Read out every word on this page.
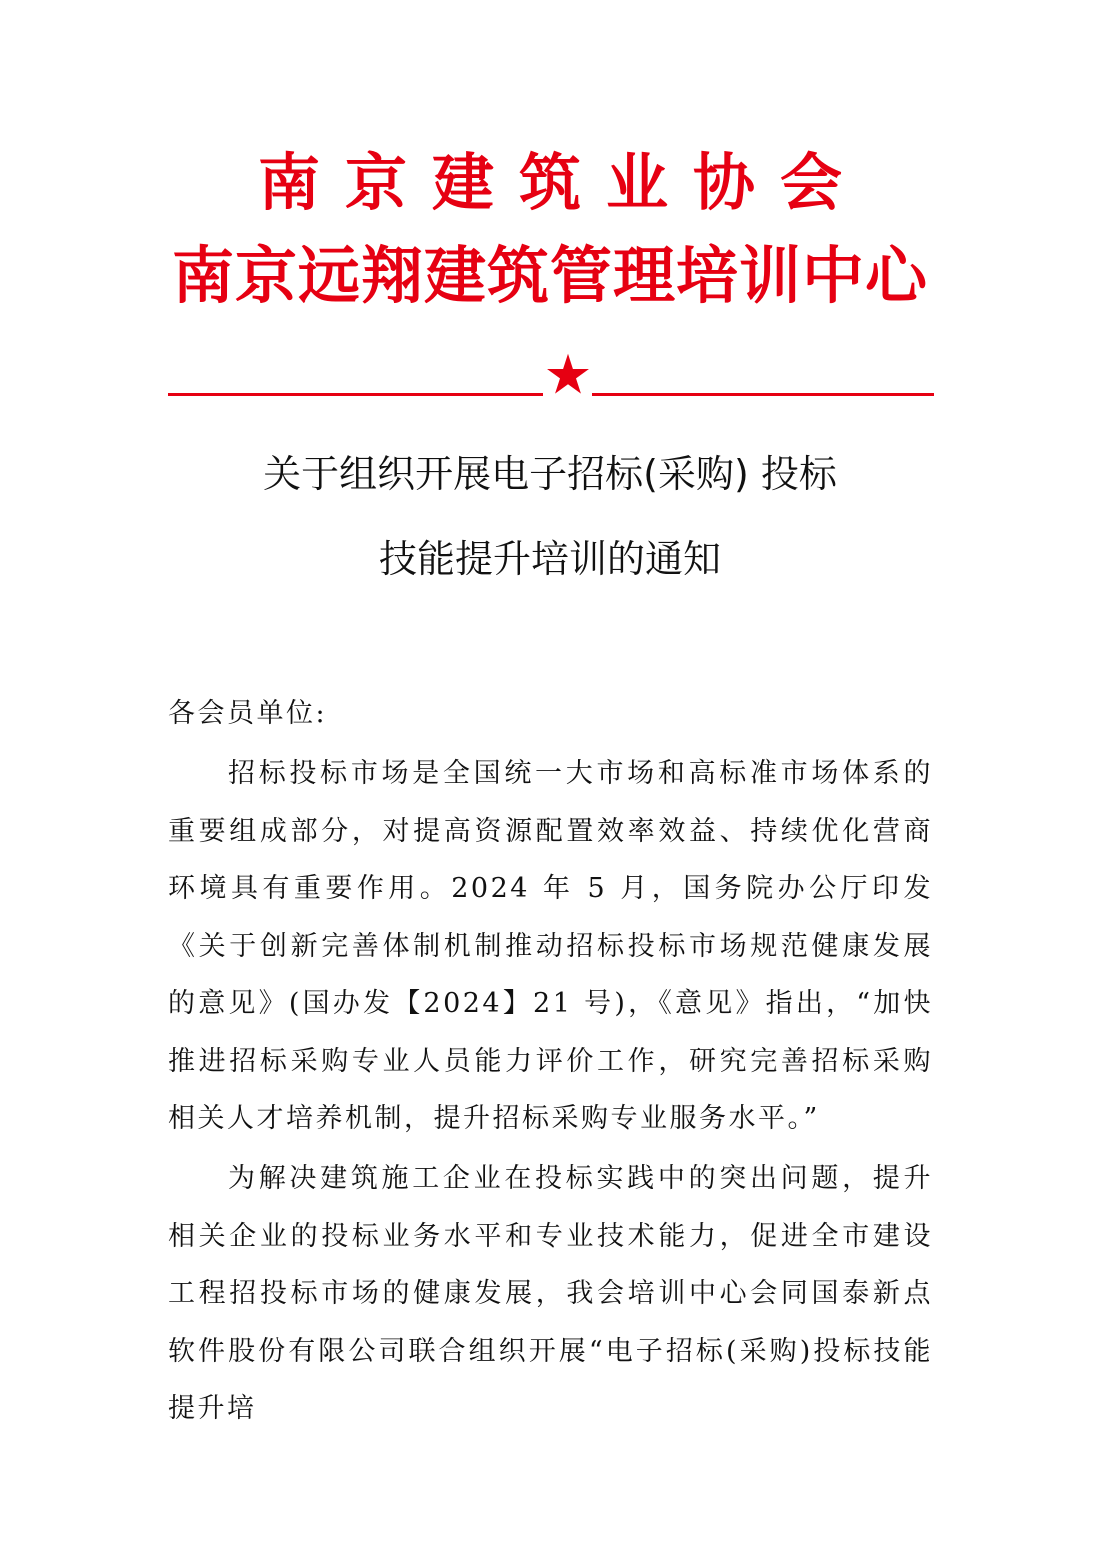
南京建筑业协会
南京远翔建筑管理培训中心
关于组织开展电子招标(采购) 投标
技能提升培训的通知
各会员单位:

招标投标市场是全国统一大市场和高标准市场体系的重要组成部分，对提高资源配置效率效益、持续优化营商环境具有重要作用。2024 年 5 月，国务院办公厅印发《关于创新完善体制机制推动招标投标市场规范健康发展的意见》(国办发【2024】21 号)，《意见》指出，“加快推进招标采购专业人员能力评价工作，研究完善招标采购相关人才培养机制，提升招标采购专业服务水平。”

为解决建筑施工企业在投标实践中的突出问题，提升相关企业的投标业务水平和专业技术能力，促进全市建设工程招投标市场的健康发展，我会培训中心会同国泰新点软件股份有限公司联合组织开展“电子招标(采购)投标技能提升培
